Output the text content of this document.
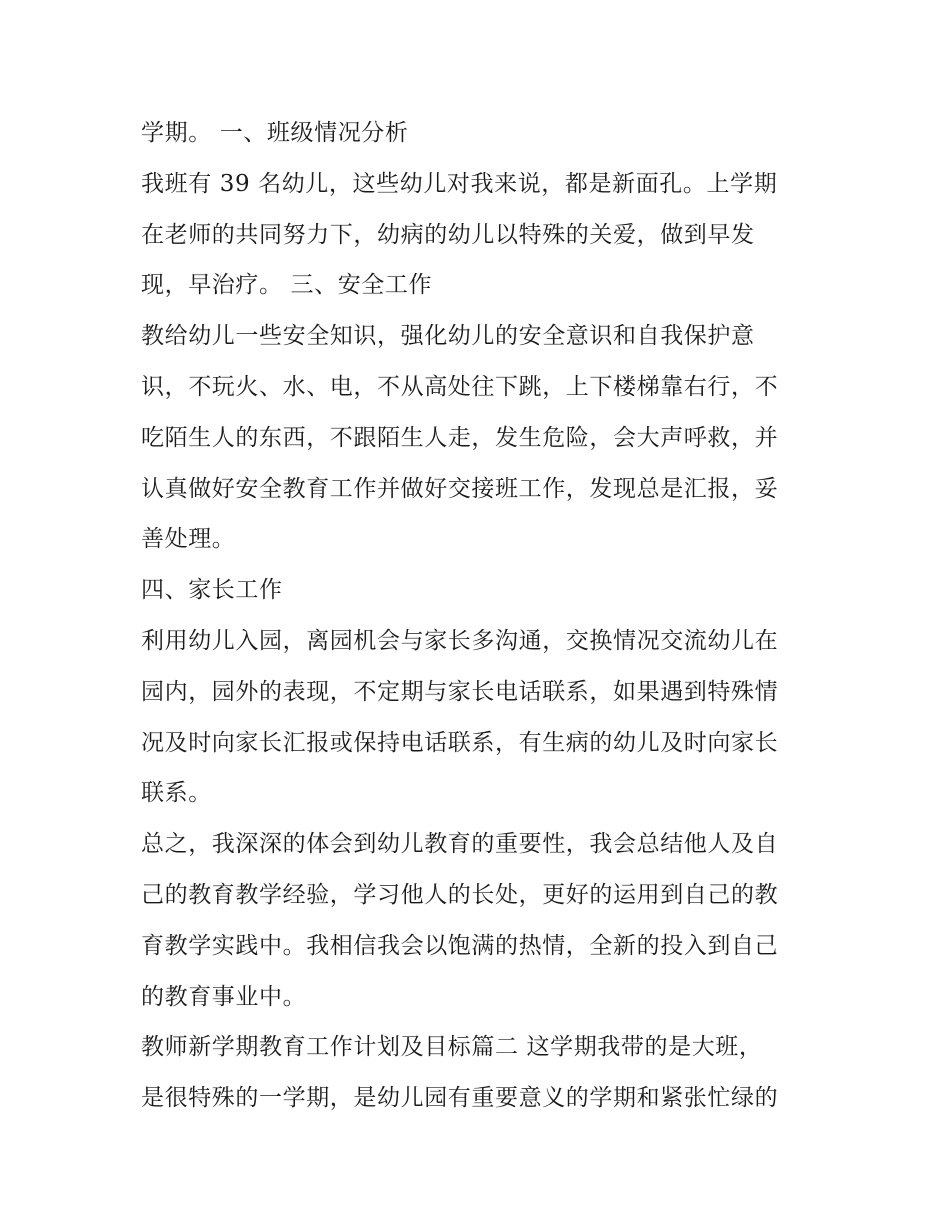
学期。 一、班级情况分析
我班有 39 名幼儿，这些幼儿对我来说，都是新面孔。上学期
在老师的共同努力下，幼病的幼儿以特殊的关爱，做到早发
现，早治疗。 三、安全工作
教给幼儿一些安全知识，强化幼儿的安全意识和自我保护意
识，不玩火、水、电，不从高处往下跳，上下楼梯靠右行，不
吃陌生人的东西，不跟陌生人走，发生危险，会大声呼救，并
认真做好安全教育工作并做好交接班工作，发现总是汇报，妥
善处理。
四、家长工作
利用幼儿入园，离园机会与家长多沟通，交换情况交流幼儿在
园内，园外的表现，不定期与家长电话联系，如果遇到特殊情
况及时向家长汇报或保持电话联系，有生病的幼儿及时向家长
联系。
总之，我深深的体会到幼儿教育的重要性，我会总结他人及自
己的教育教学经验，学习他人的长处，更好的运用到自己的教
育教学实践中。我相信我会以饱满的热情，全新的投入到自己
的教育事业中。
教师新学期教育工作计划及目标篇二 这学期我带的是大班，
是很特殊的一学期，是幼儿园有重要意义的学期和紧张忙绿的
